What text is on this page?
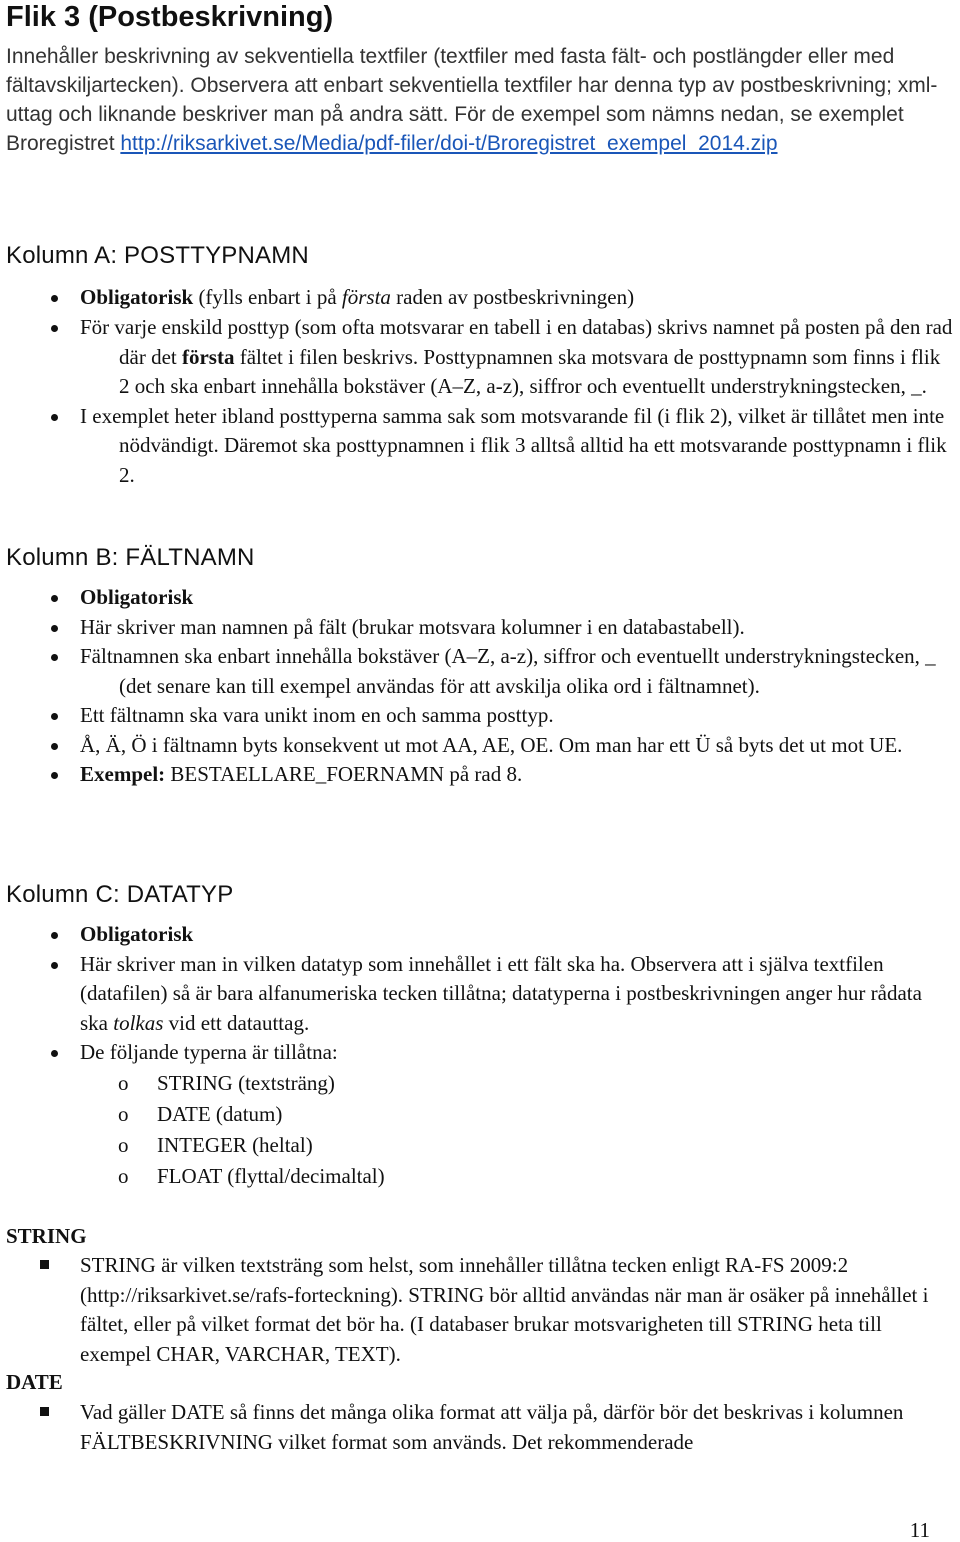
Flik 3 (Postbeskrivning)
Innehåller beskrivning av sekventiella textfiler (textfiler med fasta fält- och postlängder eller med fältavskiljartecken). Observera att enbart sekventiella textfiler har denna typ av postbeskrivning; xml-uttag och liknande beskriver man på andra sätt. För de exempel som nämns nedan, se exemplet Broregistret http://riksarkivet.se/Media/pdf-filer/doi-t/Broregistret_exempel_2014.zip
Kolumn A: POSTTYPNAMN
Obligatorisk (fylls enbart i på första raden av postbeskrivningen)
För varje enskild posttyp (som ofta motsvarar en tabell i en databas) skrivs namnet på posten på den rad där det första fältet i filen beskrivs. Posttypnamnen ska motsvara de posttypnamn som finns i flik 2 och ska enbart innehålla bokstäver (A–Z, a-z), siffror och eventuellt understrykningstecken, _.
I exemplet heter ibland posttyperna samma sak som motsvarande fil (i flik 2), vilket är tillåtet men inte nödvändigt. Däremot ska posttypnamnen i flik 3 alltså alltid ha ett motsvarande posttypnamn i flik 2.
Kolumn B: FÄLTNAMN
Obligatorisk
Här skriver man namnen på fält (brukar motsvara kolumner i en databastabell).
Fältnamnen ska enbart innehålla bokstäver (A–Z, a-z), siffror och eventuellt understrykningstecken, _ (det senare kan till exempel användas för att avskilja olika ord i fältnamnet).
Ett fältnamn ska vara unikt inom en och samma posttyp.
Å, Ä, Ö i fältnamn byts konsekvent ut mot AA, AE, OE. Om man har ett Ü så byts det ut mot UE.
Exempel: BESTAELLARE_FOERNAMN på rad 8.
Kolumn C: DATATYP
Obligatorisk
Här skriver man in vilken datatyp som innehållet i ett fält ska ha. Observera att i själva textfilen (datafilen) så är bara alfanumeriska tecken tillåtna; datatyperna i postbeskrivningen anger hur rådata ska tolkas vid ett datauttag.
De följande typerna är tillåtna:
o STRING (textsträng)
o DATE (datum)
o INTEGER (heltal)
o FLOAT (flyttal/decimaltal)
STRING
STRING är vilken textsträng som helst, som innehåller tillåtna tecken enligt RA-FS 2009:2 (http://riksarkivet.se/rafs-forteckning). STRING bör alltid användas när man är osäker på innehållet i fältet, eller på vilket format det bör ha. (I databaser brukar motsvarigheten till STRING heta till exempel CHAR, VARCHAR, TEXT).
DATE
Vad gäller DATE så finns det många olika format att välja på, därför bör det beskrivas i kolumnen FÄLTBESKRIVNING vilket format som används. Det rekommenderade
11
